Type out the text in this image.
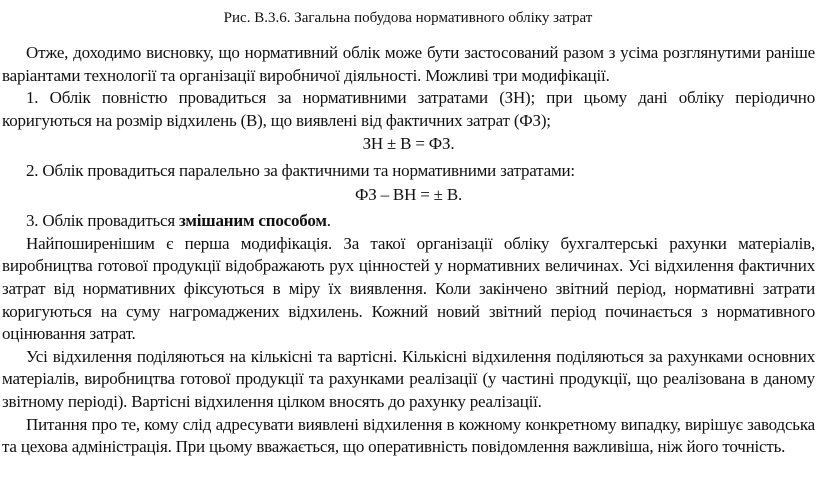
Рис. В.3.6. Загальна побудова нормативного обліку затрат

Отже, доходимо висновку, що нормативний облік може бути застосований разом з усіма розглянутими раніше варіантами технології та організації виробничої діяльності. Можливі три модифікації.

1. Облік повністю провадиться за нормативними затратами (ЗН); при цьому дані обліку періодично коригуються на розмір відхилень (В), що виявлені від фактичних затрат (ФЗ);

ЗН ± В = ФЗ.

2. Облік провадиться паралельно за фактичними та нормативними затратами:

ФЗ – ВН = ± В.

3. Облік провадиться змішаним способом.

Найпоширенішим є перша модифікація. За такої організації обліку бухгалтерські рахунки матеріалів, виробництва готової продукції відображають рух цінностей у нормативних величинах. Усі відхилення фактичних затрат від нормативних фіксуються в міру їх виявлення. Коли закінчено звітний період, нормативні затрати коригуються на суму нагромаджених відхилень. Кожний новий звітний період починається з нормативного оцінювання затрат.

Усі відхилення поділяються на кількісні та вартісні. Кількісні відхилення поділяються за рахунками основних матеріалів, виробництва готової продукції та рахунками реалізації (у частині продукції, що реалізована в даному звітному періоді). Вартісні відхилення цілком вносять до рахунку реалізації.

Питання про те, кому слід адресувати виявлені відхилення в кожному конкретному випадку, вирішує заводська та цехова адміністрація. При цьому вважається, що оперативність повідомлення важливіша, ніж його точність.
